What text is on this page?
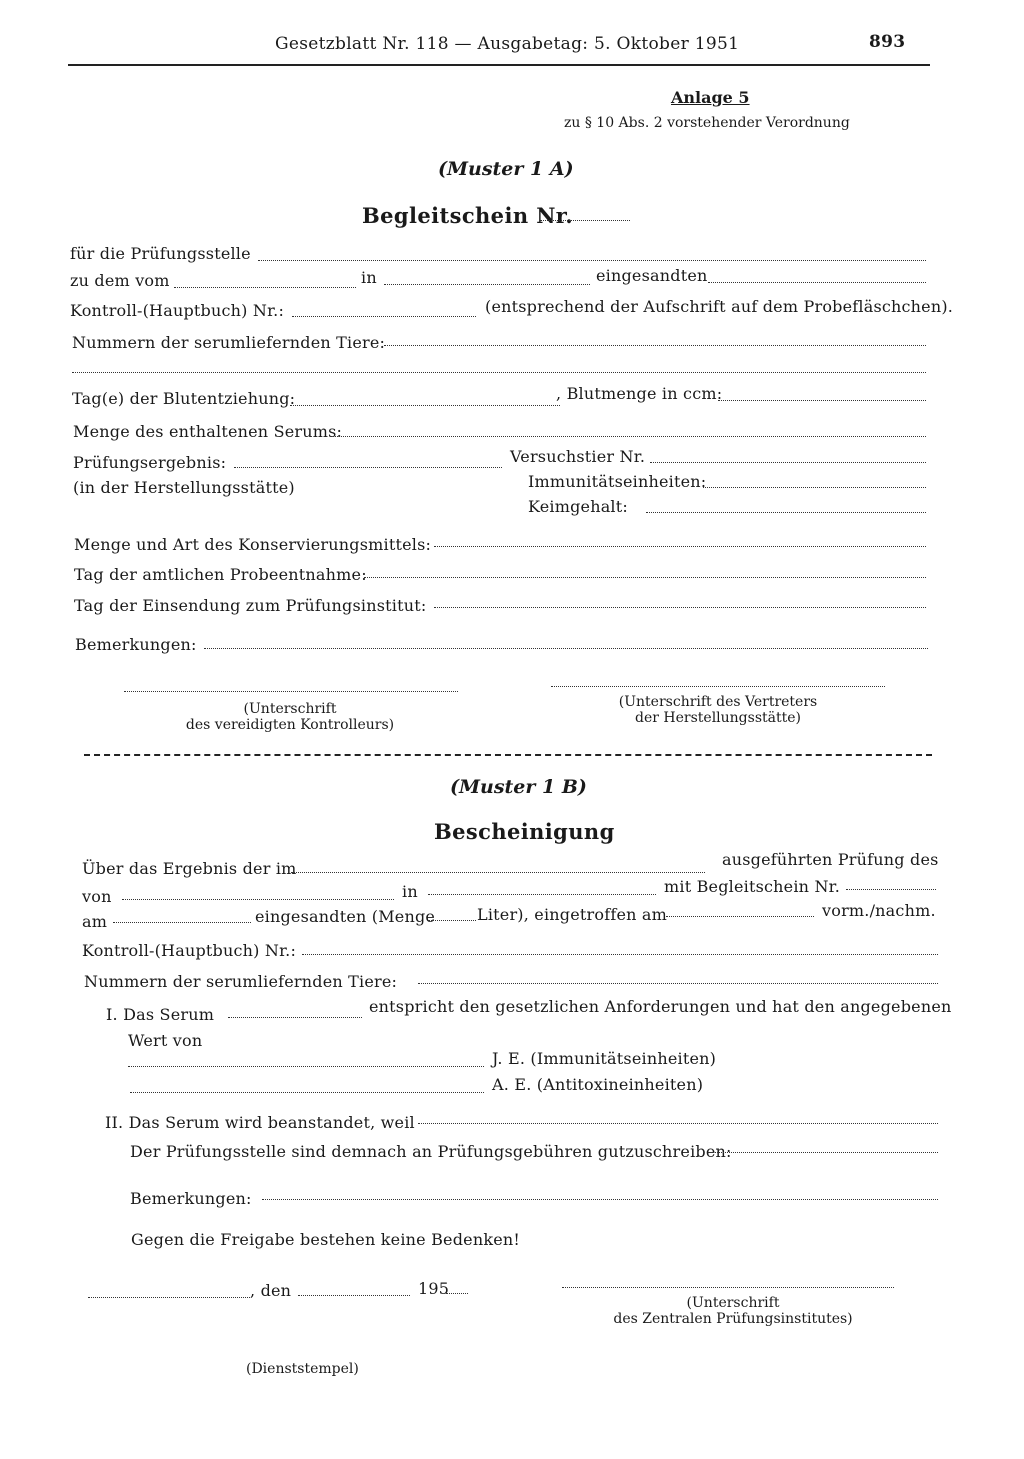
Gesetzblatt Nr. 118 — Ausgabetag: 5. Oktober 1951	893
Anlage 5
zu § 10 Abs. 2 vorstehender Verordnung
(Muster 1 A)
Begleitschein Nr.
für die Prüfungsstelle
zu dem vom	in	eingesandten
Kontroll-(Hauptbuch) Nr.:	(entsprechend der Aufschrift auf dem Probefläschchen).
Nummern der serumliefernden Tiere:
Tag(e) der Blutentziehung:	, Blutmenge in ccm:
Menge des enthaltenen Serums:
Prüfungsergebnis:	Versuchstier Nr.
(in der Herstellungsstätte)	Immunitätseinheiten:
Keimgehalt:
Menge und Art des Konservierungsmittels:
Tag der amtlichen Probeentnahme:
Tag der Einsendung zum Prüfungsinstitut:
Bemerkungen:
(Unterschrift
des vereidigten Kontrolleurs)
(Unterschrift des Vertreters
der Herstellungsstätte)
(Muster 1 B)
Bescheinigung
Über das Ergebnis der im	ausgeführten Prüfung des
von	in	mit Begleitschein Nr.
am	eingesandten (Menge	Liter), eingetroffen am	vorm./nachm.
Kontroll-(Hauptbuch) Nr.:
Nummern der serumliefernden Tiere:
I. Das Serum	entspricht den gesetzlichen Anforderungen und hat den angegebenen
Wert von
J. E. (Immunitätseinheiten)
A. E. (Antitoxineinheiten)
II. Das Serum wird beanstandet, weil
Der Prüfungsstelle sind demnach an Prüfungsgebühren gutzuschreiben:
Bemerkungen:
Gegen die Freigabe bestehen keine Bedenken!
, den	195
(Unterschrift
des Zentralen Prüfungsinstitutes)
(Dienststempel)
